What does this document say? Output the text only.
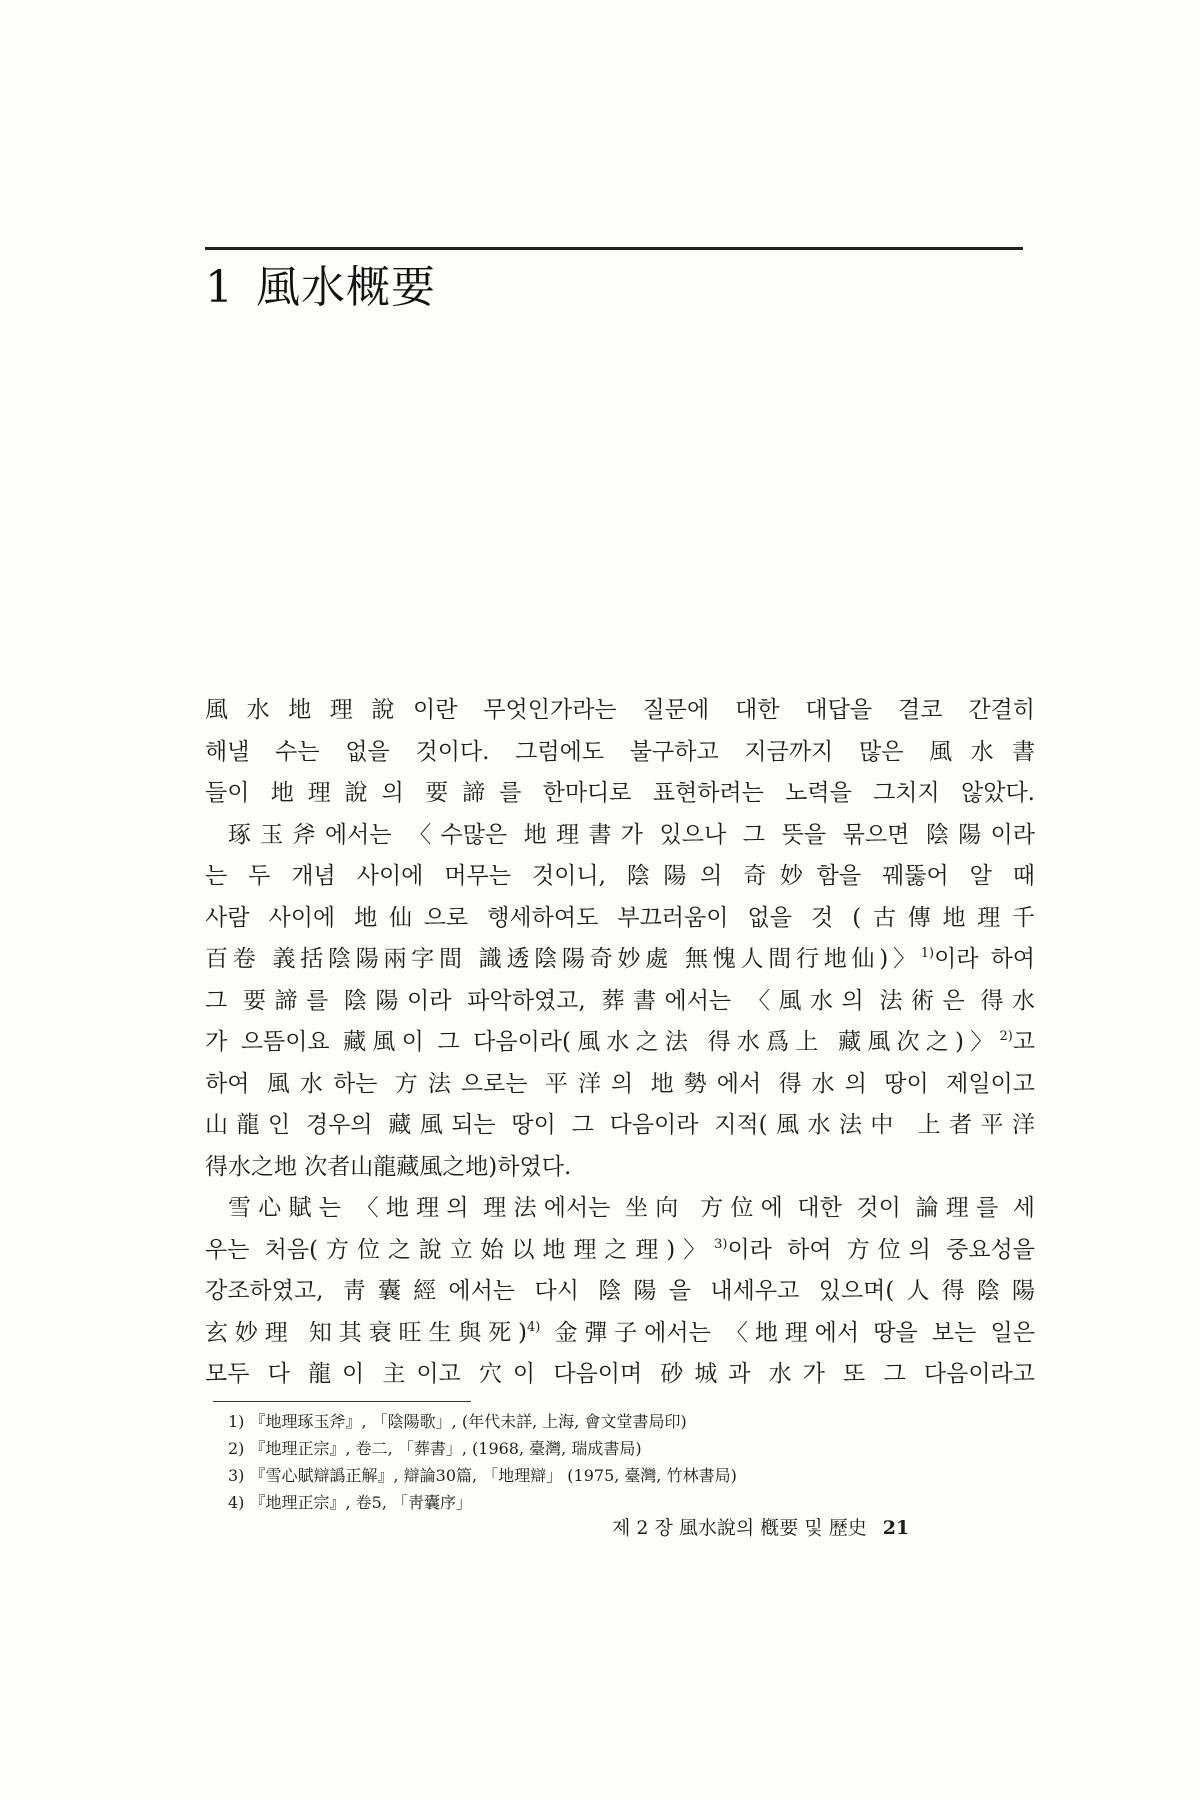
1 風水概要
風水地理說이란 무엇인가라는 질문에 대한 대답을 결코 간결히
해낼 수는 없을 것이다. 그럼에도 불구하고 지금까지 많은 風水書
들이 地理說의 要諦를 한마디로 표현하려는 노력을 그치지 않았다.
琢玉斧에서는 〈수많은 地理書가 있으나 그 뜻을 묶으면 陰陽이라
는 두 개념 사이에 머무는 것이니, 陰陽의 奇妙함을 꿰뚫어 알 때
사람 사이에 地仙으로 행세하여도 부끄러움이 없을 것 (古傳地理千
百卷 義括陰陽兩字間 識透陰陽奇妙處 無愧人間行地仙)〉$^{1)}$이라 하여
그 要諦를 陰陽이라 파악하였고, 葬書에서는 〈風水의 法術은 得水
가 으뜸이요 藏風이 그 다음이라(風水之法 得水爲上 藏風次之)〉$^{2)}$고
하여 風水하는 方法으로는 平洋의 地勢에서 得水의 땅이 제일이고
山龍인 경우의 藏風되는 땅이 그 다음이라 지적(風水法中 上者平洋
得水之地 次者山龍藏風之地)하였다.
雪心賦는 〈地理의 理法에서는 坐向 方位에 대한 것이 論理를 세
우는 처음(方位之說立始以地理之理)〉$^{3)}$이라 하여 方位의 중요성을
강조하였고, 靑囊經에서는 다시 陰陽을 내세우고 있으며(人得陰陽
玄妙理 知其衰旺生與死)$^{4)}$ 金彈子에서는 〈地理에서 땅을 보는 일은
모두 다 龍이 主이고 穴이 다음이며 砂城과 水가 또 그 다음이라고
1) 『地理琢玉斧』, 「陰陽歌」, (年代未詳, 上海, 會文堂書局印)
2) 『地理正宗』, 卷二, 「葬書」, (1968, 臺灣, 瑞成書局)
3) 『雪心賦辯譌正解』, 辯論30篇, 「地理辯」 (1975, 臺灣, 竹林書局)
4) 『地理正宗』, 卷5, 「靑囊序」
제 2 장 風水說의 槪要 및 歷史 21
